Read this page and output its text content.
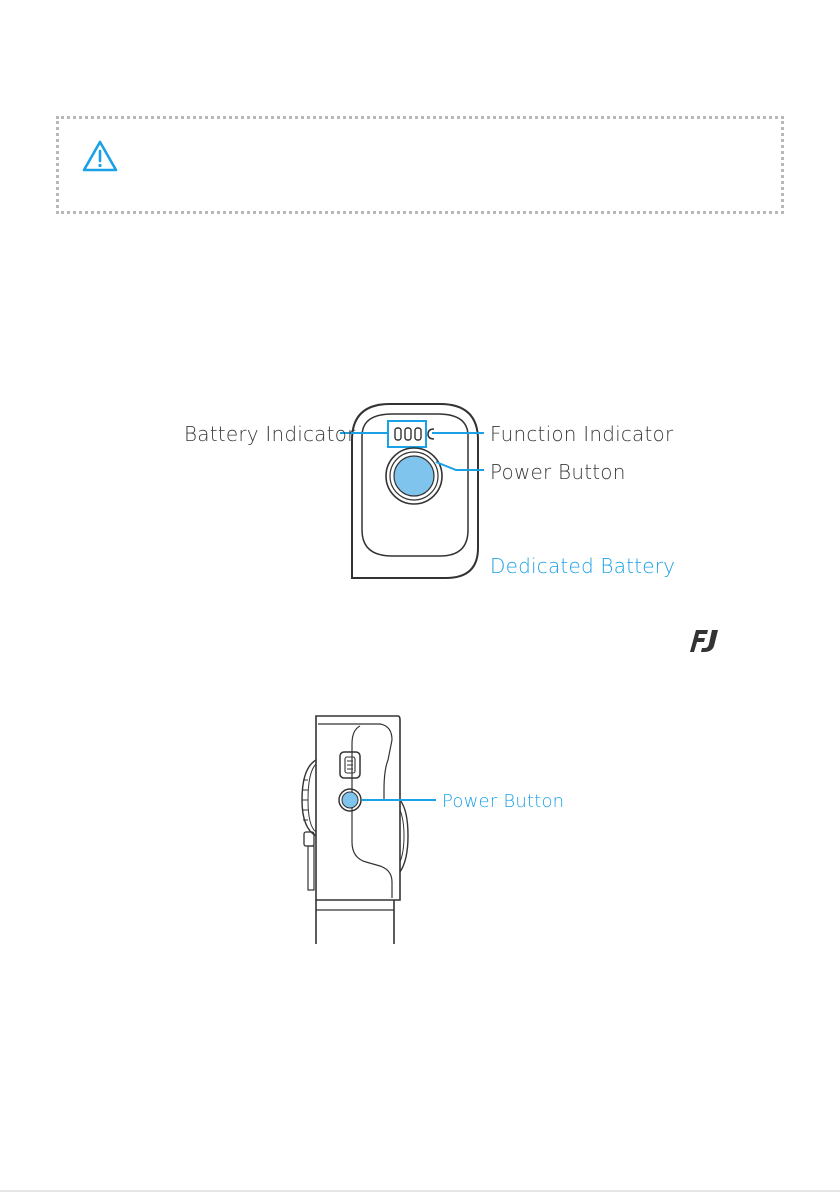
Battery Indicator	Function Indicator
Power Button
Dedicated Battery
Power Button
